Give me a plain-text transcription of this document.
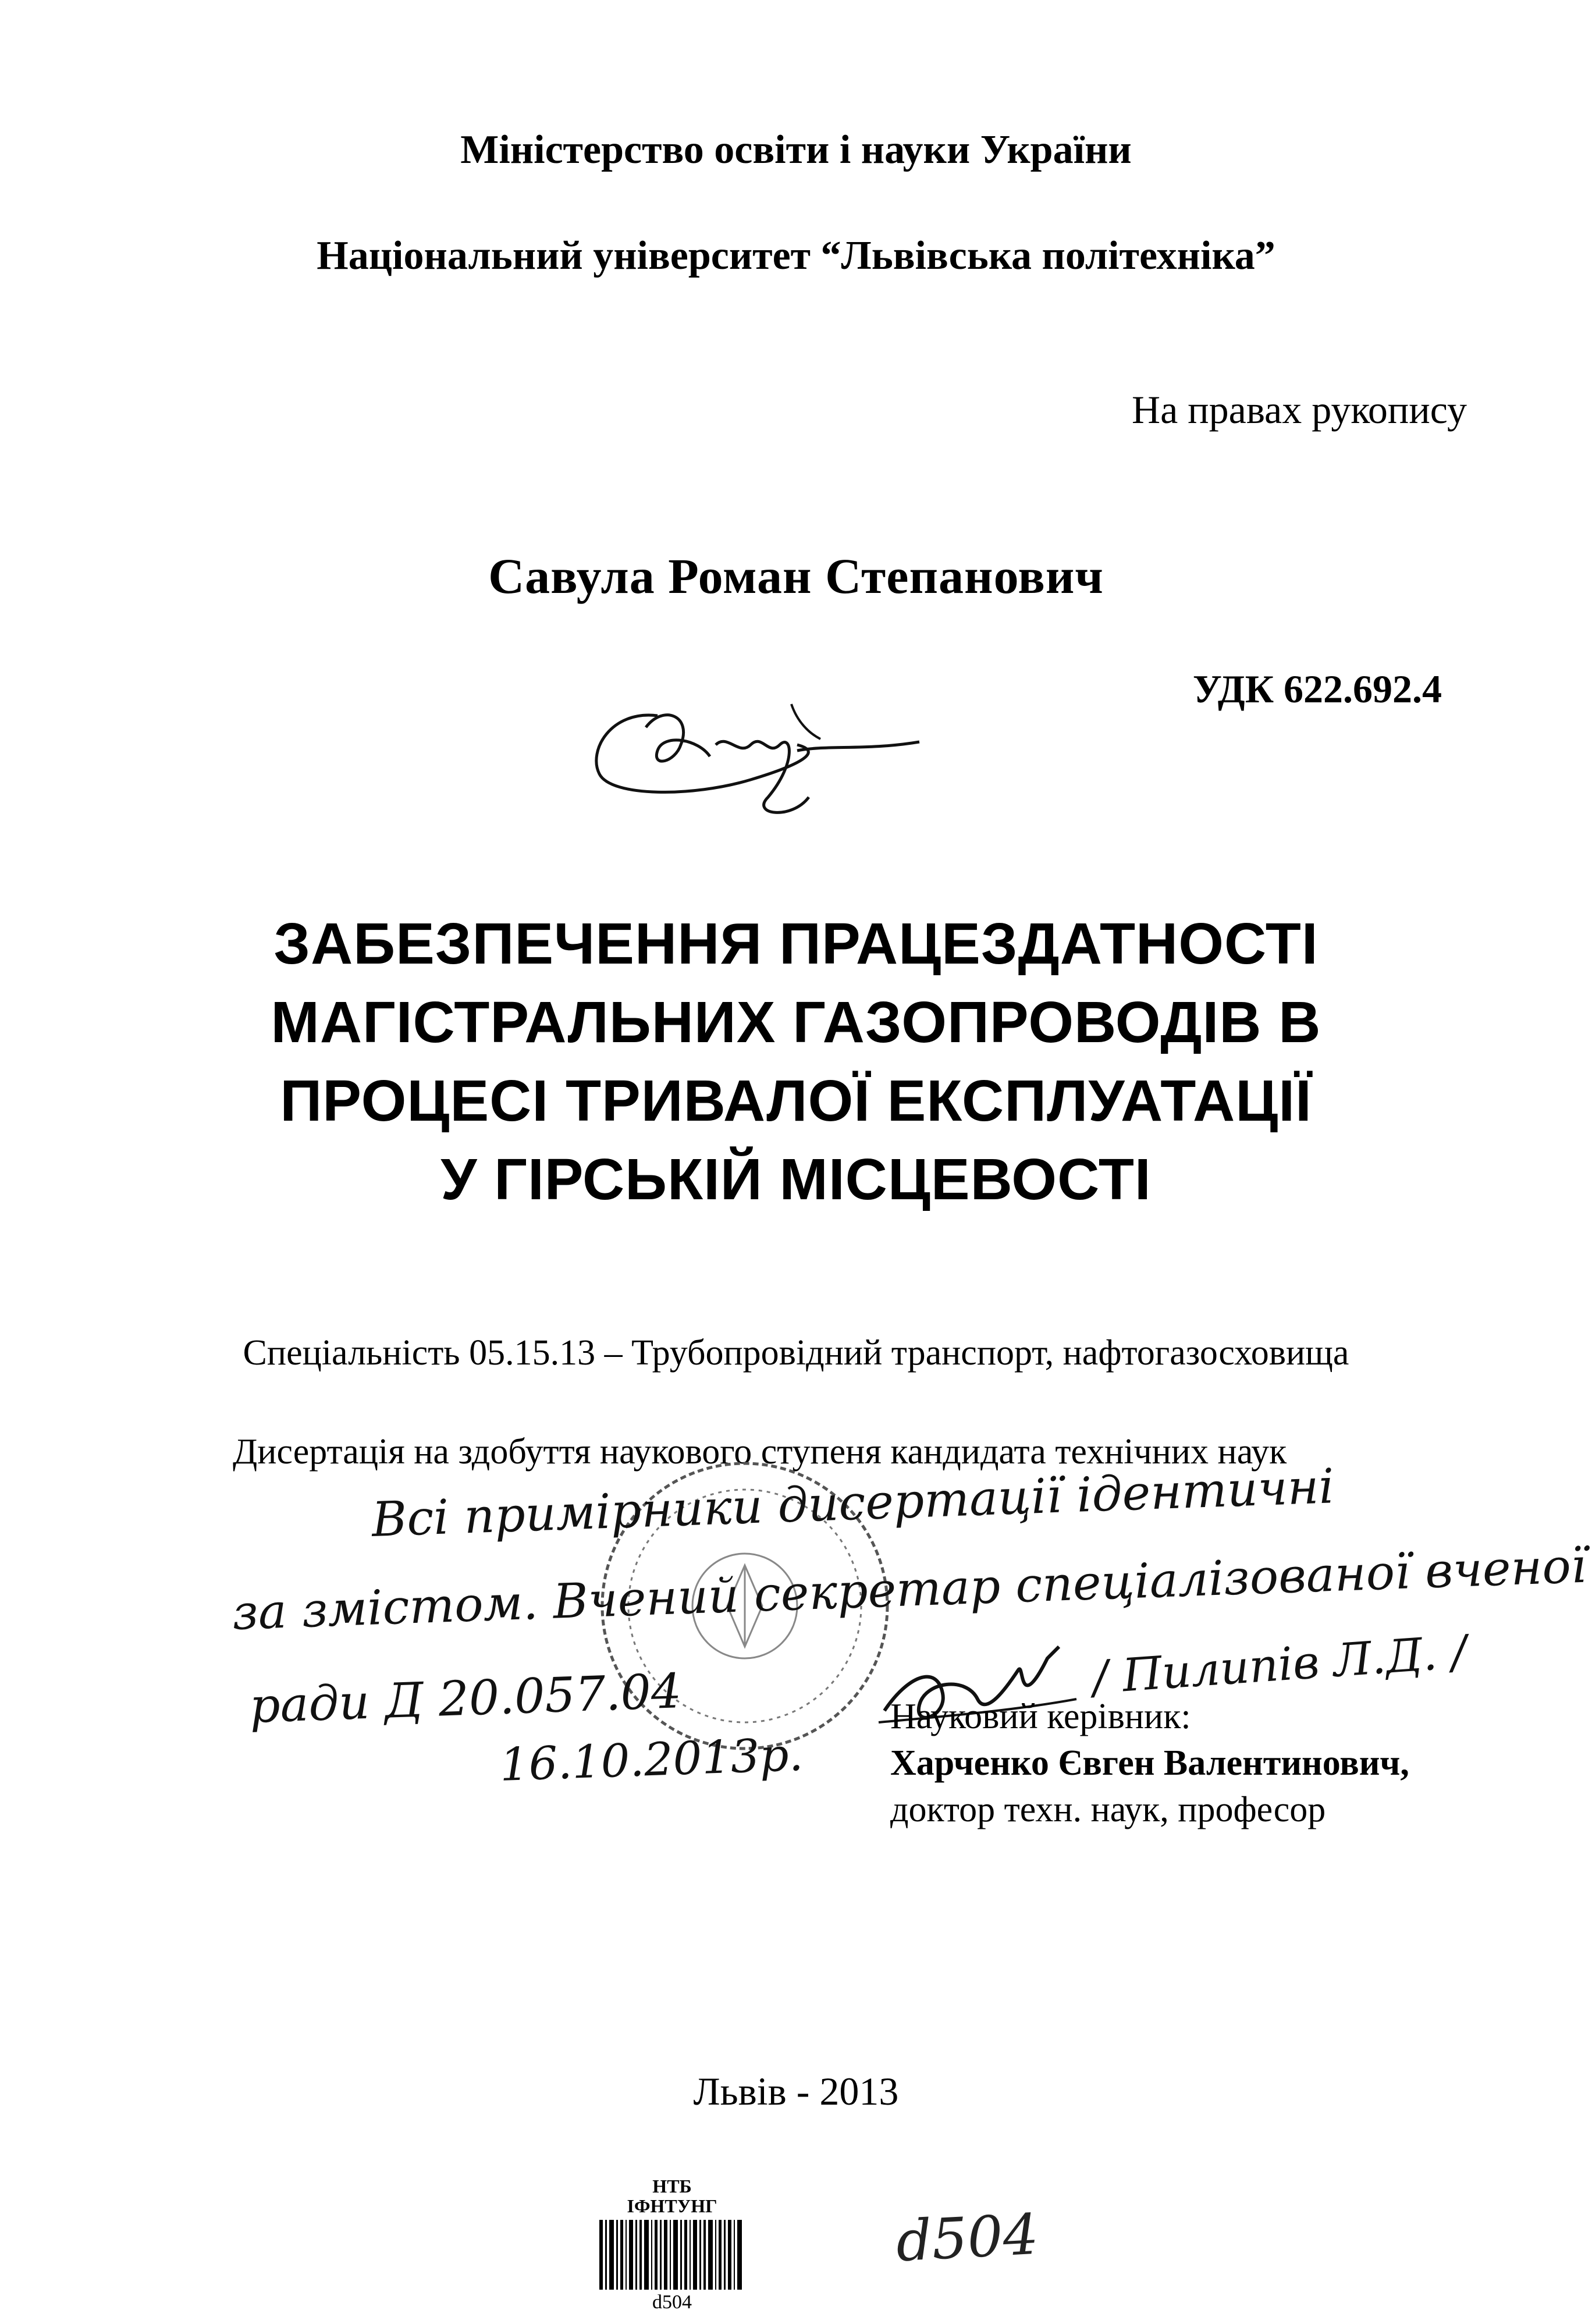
Міністерство освіти і науки України
Національний університет “Львівська політехніка”
На правах рукопису
Савула Роман Степанович
УДК 622.692.4
ЗАБЕЗПЕЧЕННЯ ПРАЦЕЗДАТНОСТІ
МАГІСТРАЛЬНИХ ГАЗОПРОВОДІВ В
ПРОЦЕСІ ТРИВАЛОЇ ЕКСПЛУАТАЦІЇ
У ГІРСЬКІЙ МІСЦЕВОСТІ
Спеціальність 05.15.13 – Трубопровідний транспорт, нафтогазосховища
Дисертація на здобуття наукового ступеня кандидата технічних наук
Всі примірники дисертації ідентичні
за змістом. Вчений секретар спеціалізованої вченої
ради Д 20.057.04	/ Пилипів Л.Д. /
16.10.2013р.
Науковий керівник:
Харченко Євген Валентинович,
доктор техн. наук, професор
Львів - 2013
НТБ
ІФНТУНГ
d504
d504
